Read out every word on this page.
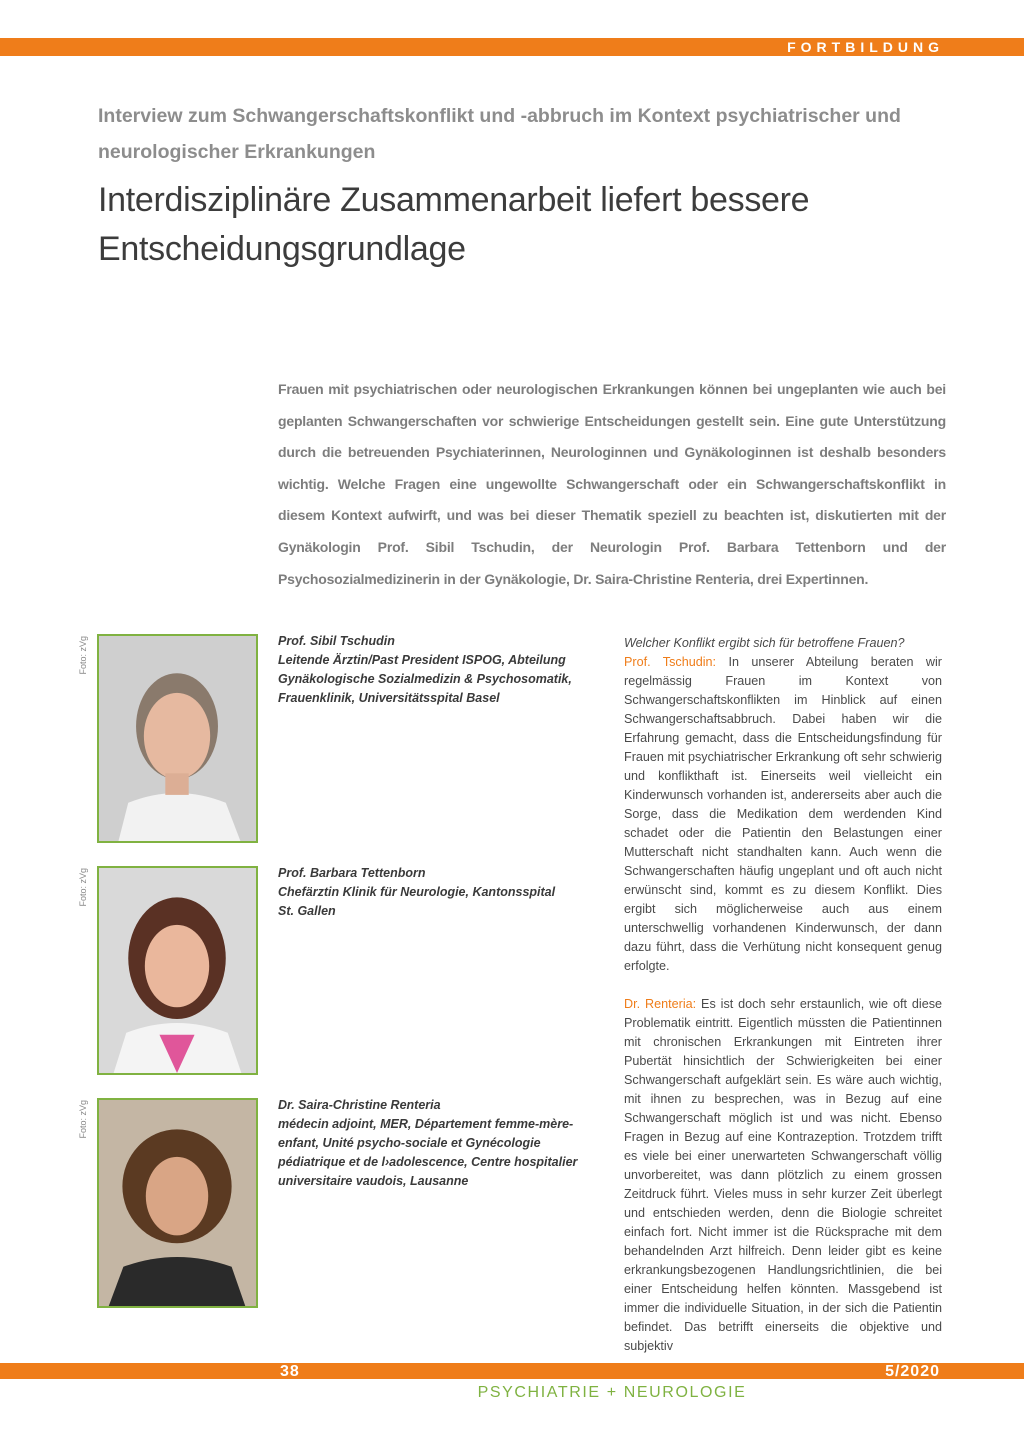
FORTBILDUNG
Interview zum Schwangerschaftskonflikt und -abbruch im Kontext psychiatrischer und neurologischer Erkrankungen
Interdisziplinäre Zusammenarbeit liefert bessere Entscheidungsgrundlage

Frauen mit psychiatrischen oder neurologischen Erkrankungen können bei ungeplanten wie auch bei geplanten Schwangerschaften vor schwierige Entscheidungen gestellt sein. Eine gute Unterstützung durch die betreuenden Psychiaterinnen, Neurologinnen und Gynäkologinnen ist deshalb besonders wichtig. Welche Fragen eine ungewollte Schwangerschaft oder ein Schwangerschaftskonflikt in diesem Kontext aufwirft, und was bei dieser Thematik speziell zu beachten ist, diskutierten mit der Gynäkologin Prof. Sibil Tschudin, der Neurologin Prof. Barbara Tettenborn und der Psychosozialmedizinerin in der Gynäkologie, Dr. Saira-Christine Renteria, drei Expertinnen.

Foto: zVg	Prof. Sibil Tschudin
Leitende Ärztin/Past President ISPOG, Abteilung
Gynäkologische Sozialmedizin & Psychosomatik,
Frauenklinik, Universitätsspital Basel
Foto: zVg	Prof. Barbara Tettenborn
Chefärztin Klinik für Neurologie, Kantonsspital
St. Gallen
Foto: zVg	Dr. Saira-Christine Renteria
médecin adjoint, MER, Département femme-mère-
enfant, Unité psycho-sociale et Gynécologie
pédiatrique et de l›adolescence, Centre hospitalier
universitaire vaudois, Lausanne

Welcher Konflikt ergibt sich für betroffene Frauen?

Prof. Tschudin: In unserer Abteilung beraten wir regelmässig Frauen im Kontext von Schwangerschaftskonflikten im Hinblick auf einen Schwangerschaftsabbruch. Dabei haben wir die Erfahrung gemacht, dass die Entscheidungsfindung für Frauen mit psychiatrischer Erkrankung oft sehr schwierig und konflikthaft ist. Einerseits weil vielleicht ein Kinderwunsch vorhanden ist, andererseits aber auch die Sorge, dass die Medikation dem werdenden Kind schadet oder die Patientin den Belastungen einer Mutterschaft nicht standhalten kann. Auch wenn die Schwangerschaften häufig ungeplant und oft auch nicht erwünscht sind, kommt es zu diesem Konflikt. Dies ergibt sich möglicherweise auch aus einem unterschwellig vorhandenen Kinderwunsch, der dann dazu führt, dass die Verhütung nicht konsequent genug erfolgte.

Dr. Renteria: Es ist doch sehr erstaunlich, wie oft diese Problematik eintritt. Eigentlich müssten die Patientinnen mit chronischen Erkrankungen mit Eintreten ihrer Pubertät hinsichtlich der Schwierigkeiten bei einer Schwangerschaft aufgeklärt sein. Es wäre auch wichtig, mit ihnen zu besprechen, was in Bezug auf eine Schwangerschaft möglich ist und was nicht. Ebenso Fragen in Bezug auf eine Kontrazeption. Trotzdem trifft es viele bei einer unerwarteten Schwangerschaft völlig unvorbereitet, was dann plötzlich zu einem grossen Zeitdruck führt. Vieles muss in sehr kurzer Zeit überlegt und entschieden werden, denn die Biologie schreitet einfach fort. Nicht immer ist die Rücksprache mit dem behandelnden Arzt hilfreich. Denn leider gibt es keine erkrankungsbezogenen Handlungsrichtlinien, die bei einer Entscheidung helfen könnten. Massgebend ist immer die individuelle Situation, in der sich die Patientin befindet. Das betrifft einerseits die objektive und subjektiv

38	5/2020
PSYCHIATRIE + NEUROLOGIE
